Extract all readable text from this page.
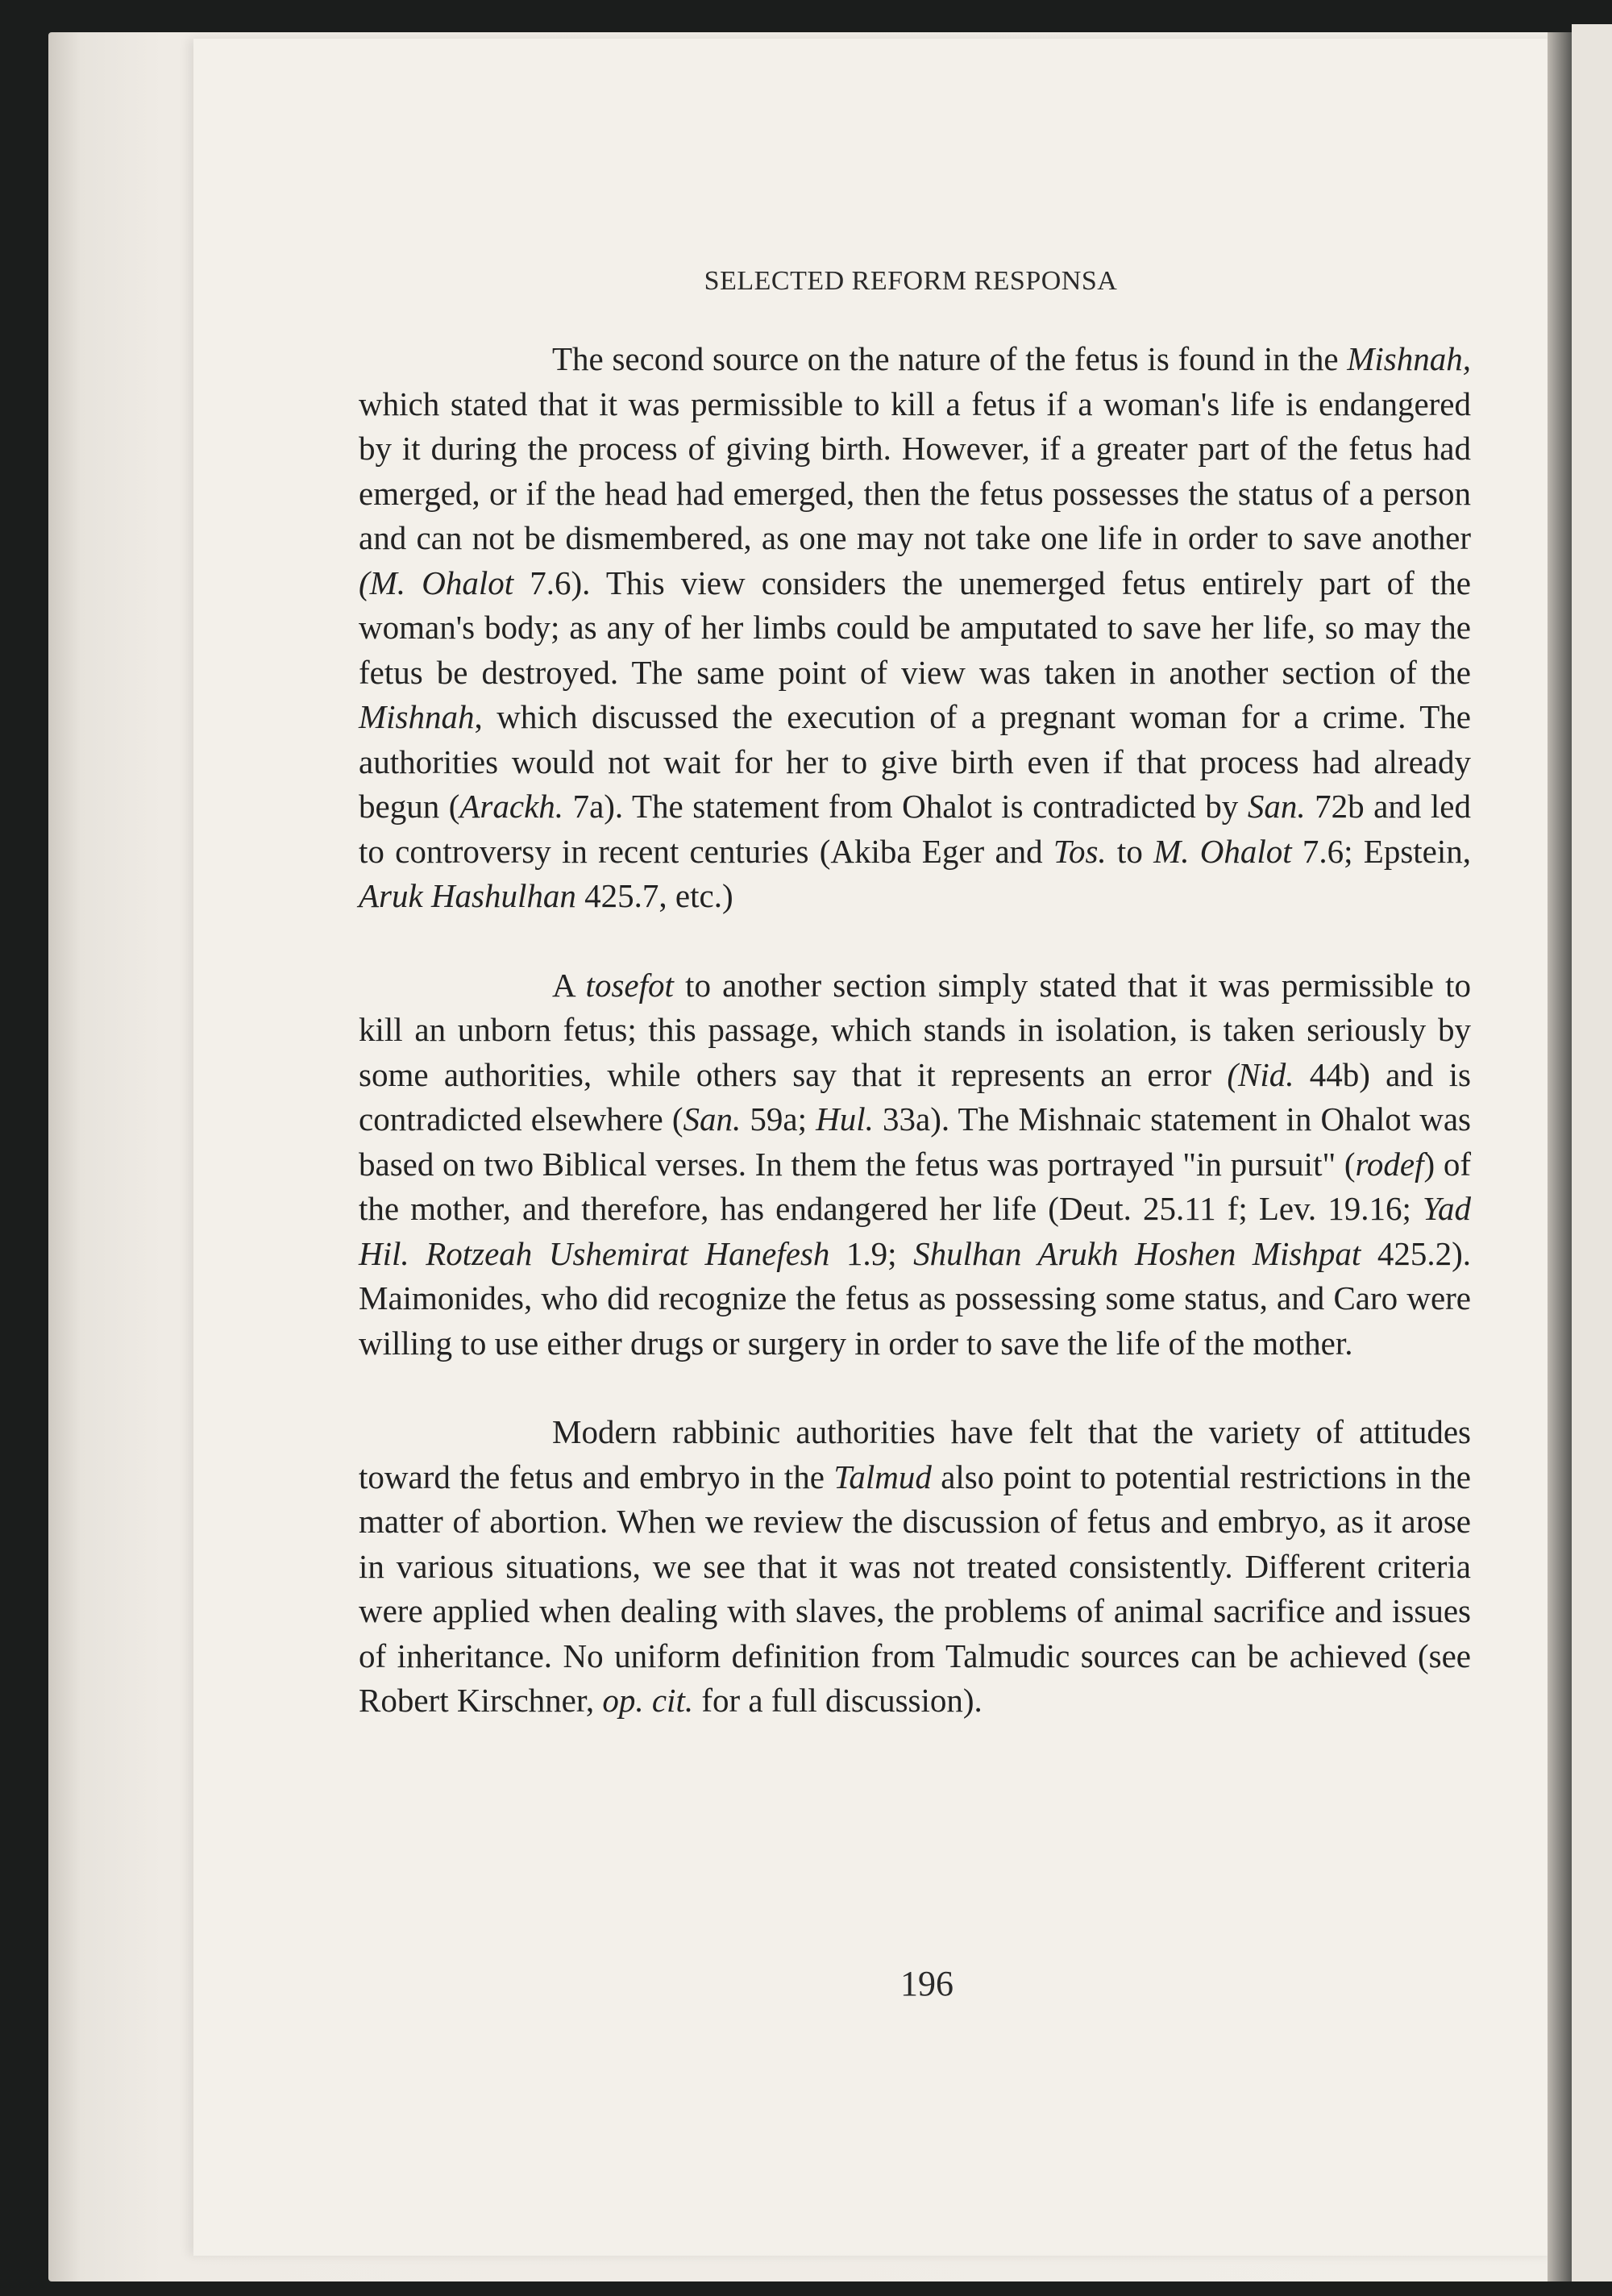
SELECTED REFORM RESPONSA

The second source on the nature of the fetus is found in the Mishnah, which stated that it was permissible to kill a fetus if a woman's life is endangered by it during the process of giving birth. However, if a greater part of the fetus had emerged, or if the head had emerged, then the fetus possesses the status of a person and can not be dismembered, as one may not take one life in order to save another (M. Ohalot 7.6). This view considers the unemerged fetus entirely part of the woman's body; as any of her limbs could be amputated to save her life, so may the fetus be destroyed. The same point of view was taken in another section of the Mishnah, which discussed the execution of a pregnant woman for a crime. The authorities would not wait for her to give birth even if that process had already begun (Arackh. 7a). The statement from Ohalot is contradicted by San. 72b and led to controversy in recent centuries (Akiba Eger and Tos. to M. Ohalot 7.6; Epstein, Aruk Hashulhan 425.7, etc.)

A tosefot to another section simply stated that it was permissible to kill an unborn fetus; this passage, which stands in isolation, is taken seriously by some authorities, while others say that it represents an error (Nid. 44b) and is contradicted elsewhere (San. 59a; Hul. 33a). The Mishnaic statement in Ohalot was based on two Biblical verses. In them the fetus was portrayed "in pursuit" (rodef) of the mother, and therefore, has endangered her life (Deut. 25.11 f; Lev. 19.16; Yad Hil. Rotzeah Ushemirat Hanefesh 1.9; Shulhan Arukh Hoshen Mishpat 425.2). Maimonides, who did recognize the fetus as possessing some status, and Caro were willing to use either drugs or surgery in order to save the life of the mother.

Modern rabbinic authorities have felt that the variety of attitudes toward the fetus and embryo in the Talmud also point to potential restrictions in the matter of abortion. When we review the discussion of fetus and embryo, as it arose in various situations, we see that it was not treated consistently. Different criteria were applied when dealing with slaves, the problems of animal sacrifice and issues of inheritance. No uniform definition from Talmudic sources can be achieved (see Robert Kirschner, op. cit. for a full discussion).

196
